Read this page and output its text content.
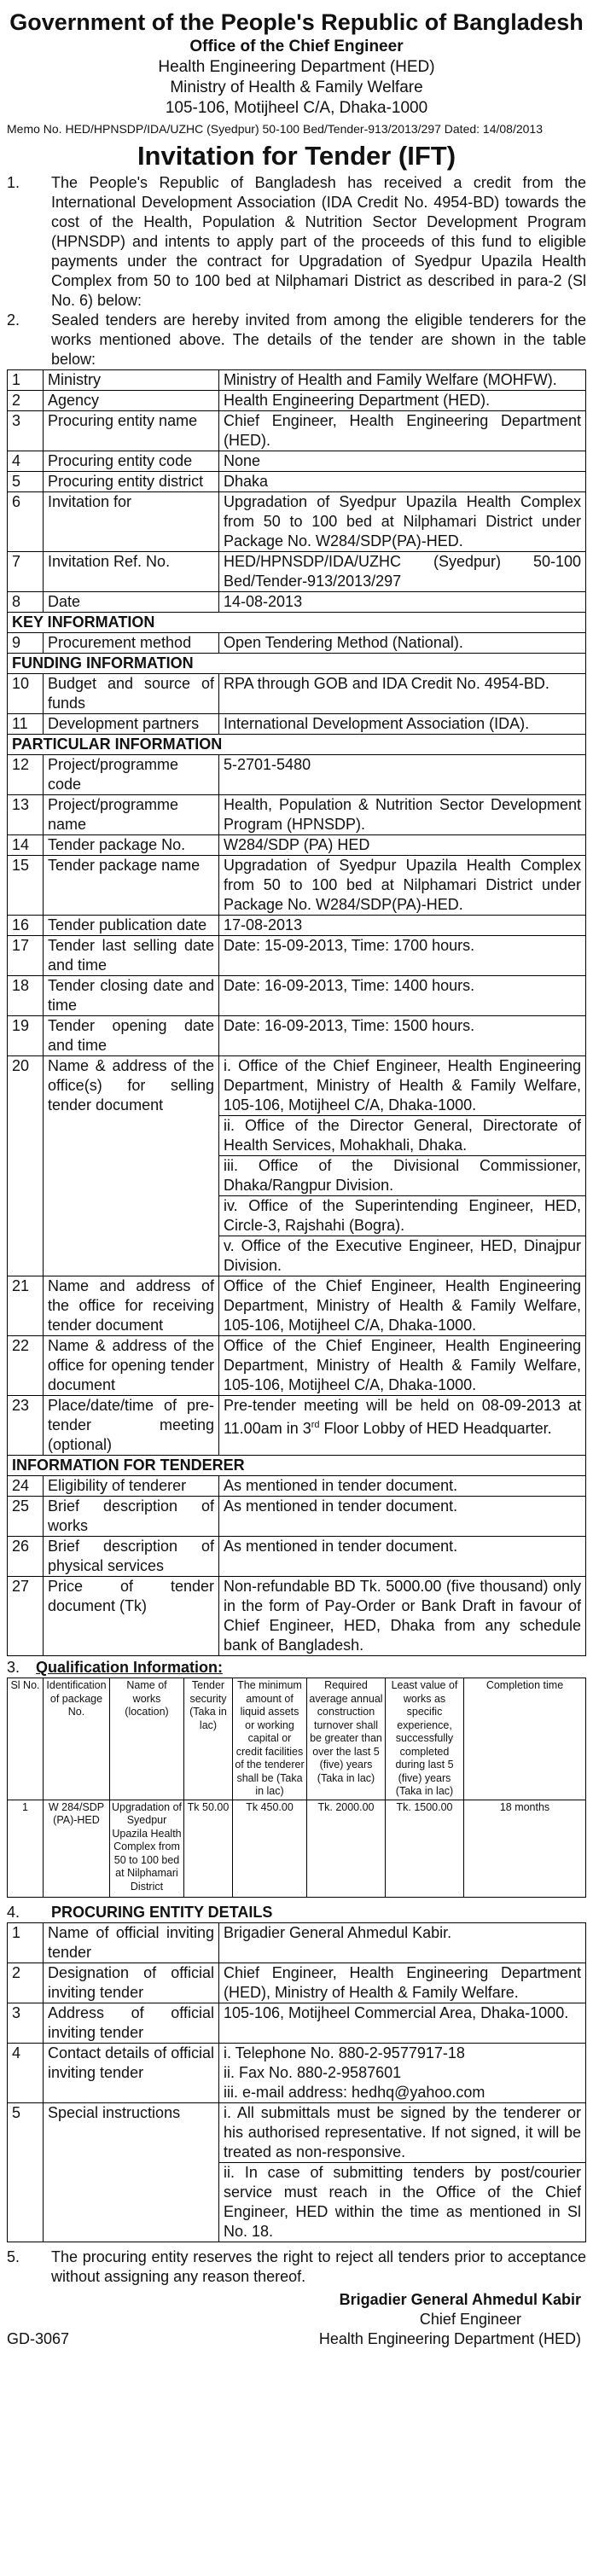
Government of the People's Republic of Bangladesh
Office of the Chief Engineer
Health Engineering Department (HED)
Ministry of Health & Family Welfare
105-106, Motijheel C/A, Dhaka-1000
Memo No. HED/HPNSDP/IDA/UZHC (Syedpur) 50-100 Bed/Tender-913/2013/297 Dated: 14/08/2013
Invitation for Tender (IFT)
1.	The People's Republic of Bangladesh has received a credit from the International Development Association (IDA Credit No. 4954-BD) towards the cost of the Health, Population & Nutrition Sector Development Program (HPNSDP) and intents to apply part of the proceeds of this fund to eligible payments under the contract for Upgradation of Syedpur Upazila Health Complex from 50 to 100 bed at Nilphamari District as described in para-2 (Sl No. 6) below:
2.	Sealed tenders are hereby invited from among the eligible tenderers for the works mentioned above. The details of the tender are shown in the table below:
1	Ministry	Ministry of Health and Family Welfare (MOHFW).
2	Agency	Health Engineering Department (HED).
3	Procuring entity name	Chief Engineer, Health Engineering Department (HED).
4	Procuring entity code	None
5	Procuring entity district	Dhaka
6	Invitation for	Upgradation of Syedpur Upazila Health Complex from 50 to 100 bed at Nilphamari District under Package No. W284/SDP(PA)-HED.
7	Invitation Ref. No.	HED/HPNSDP/IDA/UZHC (Syedpur) 50-100 Bed/Tender-913/2013/297
8	Date	14-08-2013
KEY INFORMATION		
9	Procurement method	Open Tendering Method (National).
FUNDING INFORMATION		
10	Budget and source of funds	RPA through GOB and IDA Credit No. 4954-BD.
11	Development partners	International Development Association (IDA).
PARTICULAR INFORMATION		
12	Project/programme code	5-2701-5480
13	Project/programme name	Health, Population & Nutrition Sector Development Program (HPNSDP).
14	Tender package No.	W284/SDP (PA) HED
15	Tender package name	Upgradation of Syedpur Upazila Health Complex from 50 to 100 bed at Nilphamari District under Package No. W284/SDP(PA)-HED.
16	Tender publication date	17-08-2013
17	Tender last selling date and time	Date: 15-09-2013, Time: 1700 hours.
18	Tender closing date and time	Date: 16-09-2013, Time: 1400 hours.
19	Tender opening date and time	Date: 16-09-2013, Time: 1500 hours.
20	Name & address of the office(s) for selling tender document	i. Office of the Chief Engineer, Health Engineering Department, Ministry of Health & Family Welfare, 105-106, Motijheel C/A, Dhaka-1000.
ii. Office of the Director General, Directorate of Health Services, Mohakhali, Dhaka.
iii. Office of the Divisional Commissioner, Dhaka/Rangpur Division.
iv. Office of the Superintending Engineer, HED, Circle-3, Rajshahi (Bogra).
v. Office of the Executive Engineer, HED, Dinajpur Division.

21	Name and address of the office for receiving tender document	Office of the Chief Engineer, Health Engineering Department, Ministry of Health & Family Welfare, 105-106, Motijheel C/A, Dhaka-1000.
22	Name & address of the office for opening tender document	Office of the Chief Engineer, Health Engineering Department, Ministry of Health & Family Welfare, 105-106, Motijheel C/A, Dhaka-1000.
23	Place/date/time of pre-tender meeting (optional)	Pre-tender meeting will be held on 08-09-2013 at 11.00am in 3rd Floor Lobby of HED Headquarter.
INFORMATION FOR TENDERER		
24	Eligibility of tenderer	As mentioned in tender document.
25	Brief description of works	As mentioned in tender document.
26	Brief description of physical services	As mentioned in tender document.
27	Price of tender document (Tk)	Non-refundable BD Tk. 5000.00 (five thousand) only in the form of Pay-Order or Bank Draft in favour of Chief Engineer, HED, Dhaka from any schedule bank of Bangladesh.
3.	Qualification Information:
Sl No.	Identification of package No.	Name of works (location)	Tender security (Taka in lac)	The minimum amount of liquid assets or working capital or credit facilities of the tenderer shall be (Taka in lac)	Required average annual construction turnover shall be greater than over the last 5 (five) years (Taka in lac)	Least value of works as specific experience, successfully completed during last 5 (five) years (Taka in lac)	Completion time
1	W 284/SDP (PA)-HED	Upgradation of Syedpur Upazila Health Complex from 50 to 100 bed at Nilphamari District	Tk 50.00	Tk 450.00	Tk. 2000.00	Tk. 1500.00	18 months
4.	PROCURING ENTITY DETAILS
1	Name of official inviting tender	Brigadier General Ahmedul Kabir.
2	Designation of official inviting tender	Chief Engineer, Health Engineering Department (HED), Ministry of Health & Family Welfare.
3	Address of official inviting tender	105-106, Motijheel Commercial Area, Dhaka-1000.
4	Contact details of official inviting tender	i. Telephone No. 880-2-9577917-18
ii. Fax No. 880-2-9587601
iii. e-mail address: hedhq@yahoo.com

5	Special instructions	i. All submittals must be signed by the tenderer or his authorised representative. If not signed, it will be treated as non-responsive.
ii. In case of submitting tenders by post/courier service must reach in the Office of the Chief Engineer, HED within the time as mentioned in Sl No. 18.
5.	The procuring entity reserves the right to reject all tenders prior to acceptance without assigning any reason thereof.
Brigadier General Ahmedul Kabir
Chief Engineer
GD-3067	Health Engineering Department (HED)
